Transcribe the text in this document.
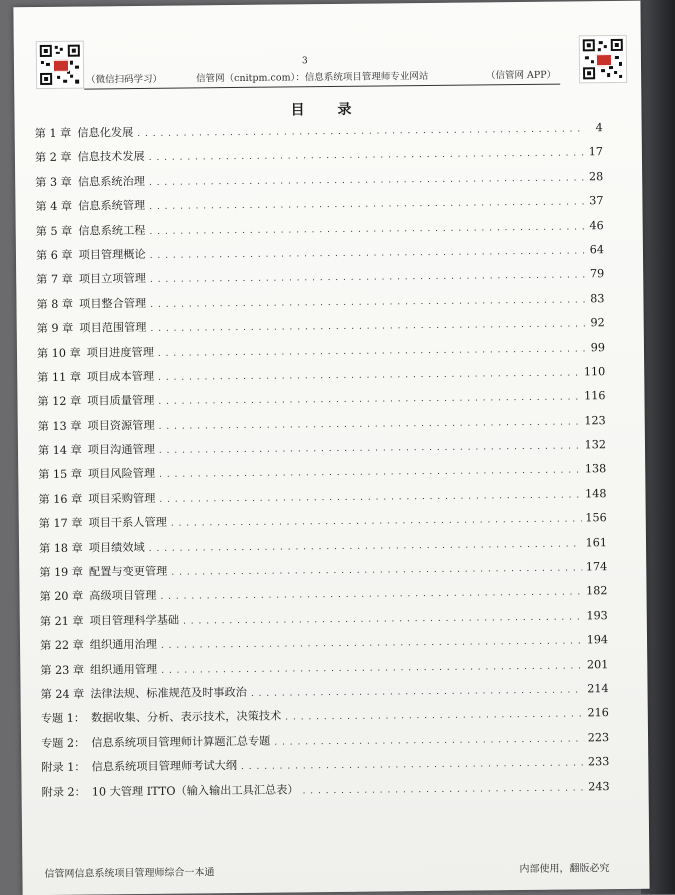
3
（微信扫码学习）	信管网（cnitpm.com）：信息系统项目管理师专业网站	（信管网 APP）
目 录
第 1 章 信息化发展 . . .	4
第 2 章 信息技术发展 . . .	17
第 3 章 信息系统治理 . . .	28
第 4 章 信息系统管理 . . .	37
第 5 章 信息系统工程 . . .	46
第 6 章 项目管理概论 . . .	64
第 7 章 项目立项管理 . . .	79
第 8 章 项目整合管理 . . .	83
第 9 章 项目范围管理 . . .	92
第 10 章 项目进度管理 . . .	99
第 11 章 项目成本管理 . . .	110
第 12 章 项目质量管理 . . .	116
第 13 章 项目资源管理 . . .	123
第 14 章 项目沟通管理 . . .	132
第 15 章 项目风险管理 . . .	138
第 16 章 项目采购管理 . . .	148
第 17 章 项目干系人管理 . . .	156
第 18 章 项目绩效域 . . .	161
第 19 章 配置与变更管理 . . .	174
第 20 章 高级项目管理 . . .	182
第 21 章 项目管理科学基础 . . .	193
第 22 章 组织通用治理 . . .	194
第 23 章 组织通用管理 . . .	201
第 24 章 法律法规、标准规范及时事政治 . . .	214
专题 1： 数据收集、分析、表示技术，决策技术 . . .	216
专题 2： 信息系统项目管理师计算题汇总专题 . . .	223
附录 1： 信息系统项目管理师考试大纲 . . .	233
附录 2： 10 大管理 ITTO（输入输出工具汇总表） . . .	243
信管网信息系统项目管理师综合一本通	内部使用，翻版必究
